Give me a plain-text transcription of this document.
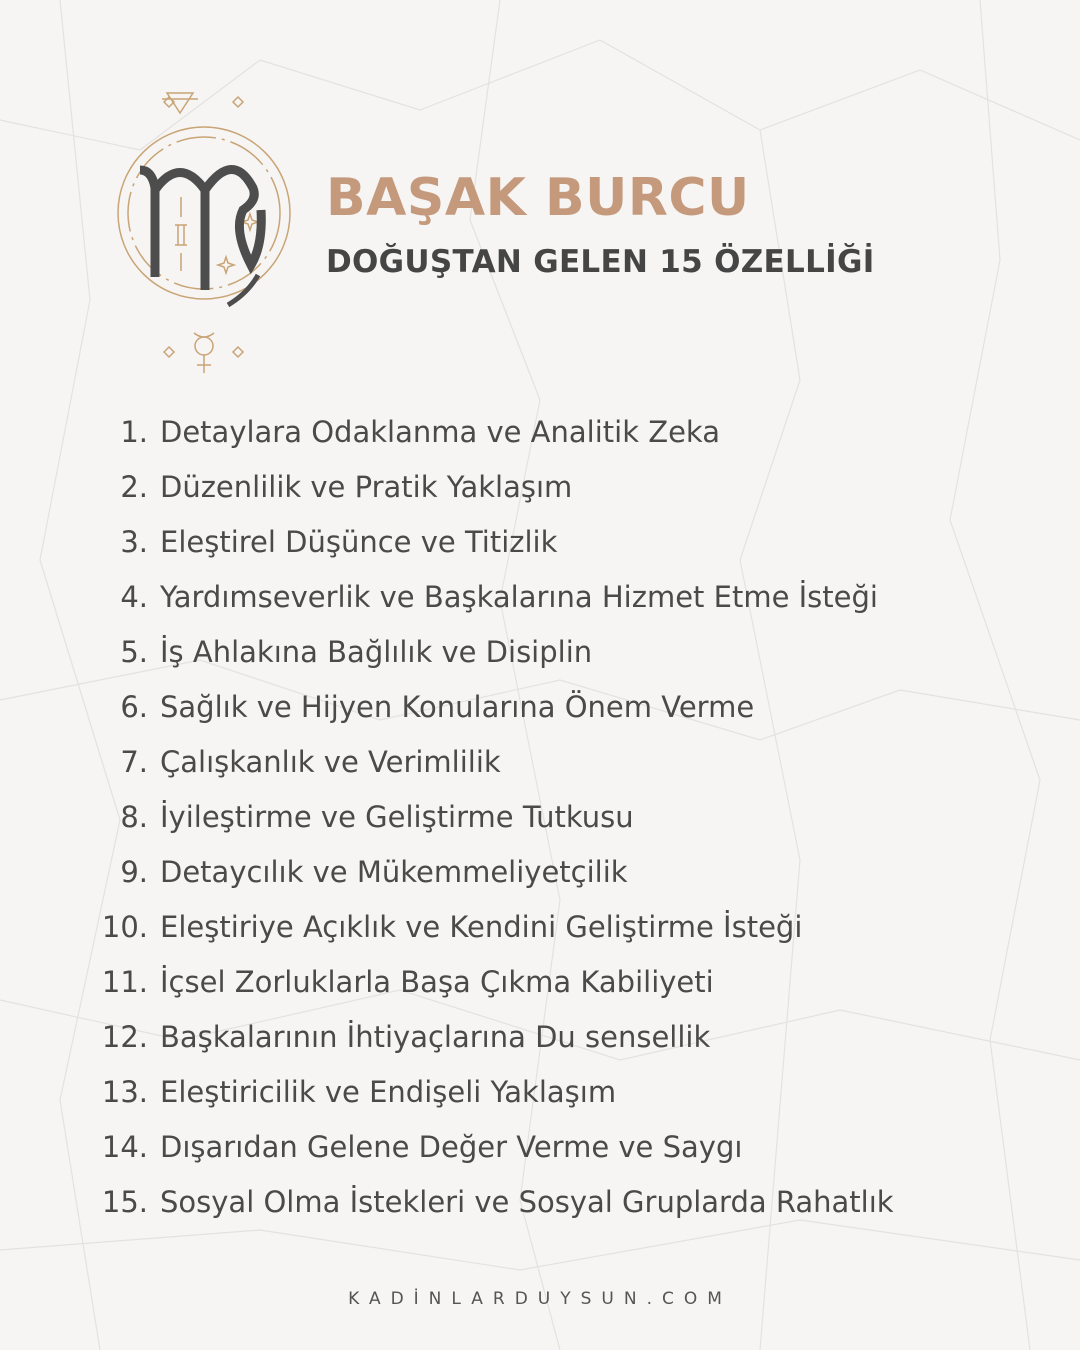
BAŞAK BURCU
DOĞUŞTAN GELEN 15 ÖZELLİĞİ
1. Detaylara Odaklanma ve Analitik Zeka
2. Düzenlilik ve Pratik Yaklaşım
3. Eleştirel Düşünce ve Titizlik
4. Yardımseverlik ve Başkalarına Hizmet Etme İsteği
5. İş Ahlakına Bağlılık ve Disiplin
6. Sağlık ve Hijyen Konularına Önem Verme
7. Çalışkanlık ve Verimlilik
8. İyileştirme ve Geliştirme Tutkusu
9. Detaycılık ve Mükemmeliyetçilik
10. Eleştiriye Açıklık ve Kendini Geliştirme İsteği
11. İçsel Zorluklarla Başa Çıkma Kabiliyeti
12. Başkalarının İhtiyaçlarına Du sensellik
13. Eleştiricilik ve Endişeli Yaklaşım
14. Dışarıdan Gelene Değer Verme ve Saygı
15. Sosyal Olma İstekleri ve Sosyal Gruplarda Rahatlık
KADİNLARDUYSUN.COM
